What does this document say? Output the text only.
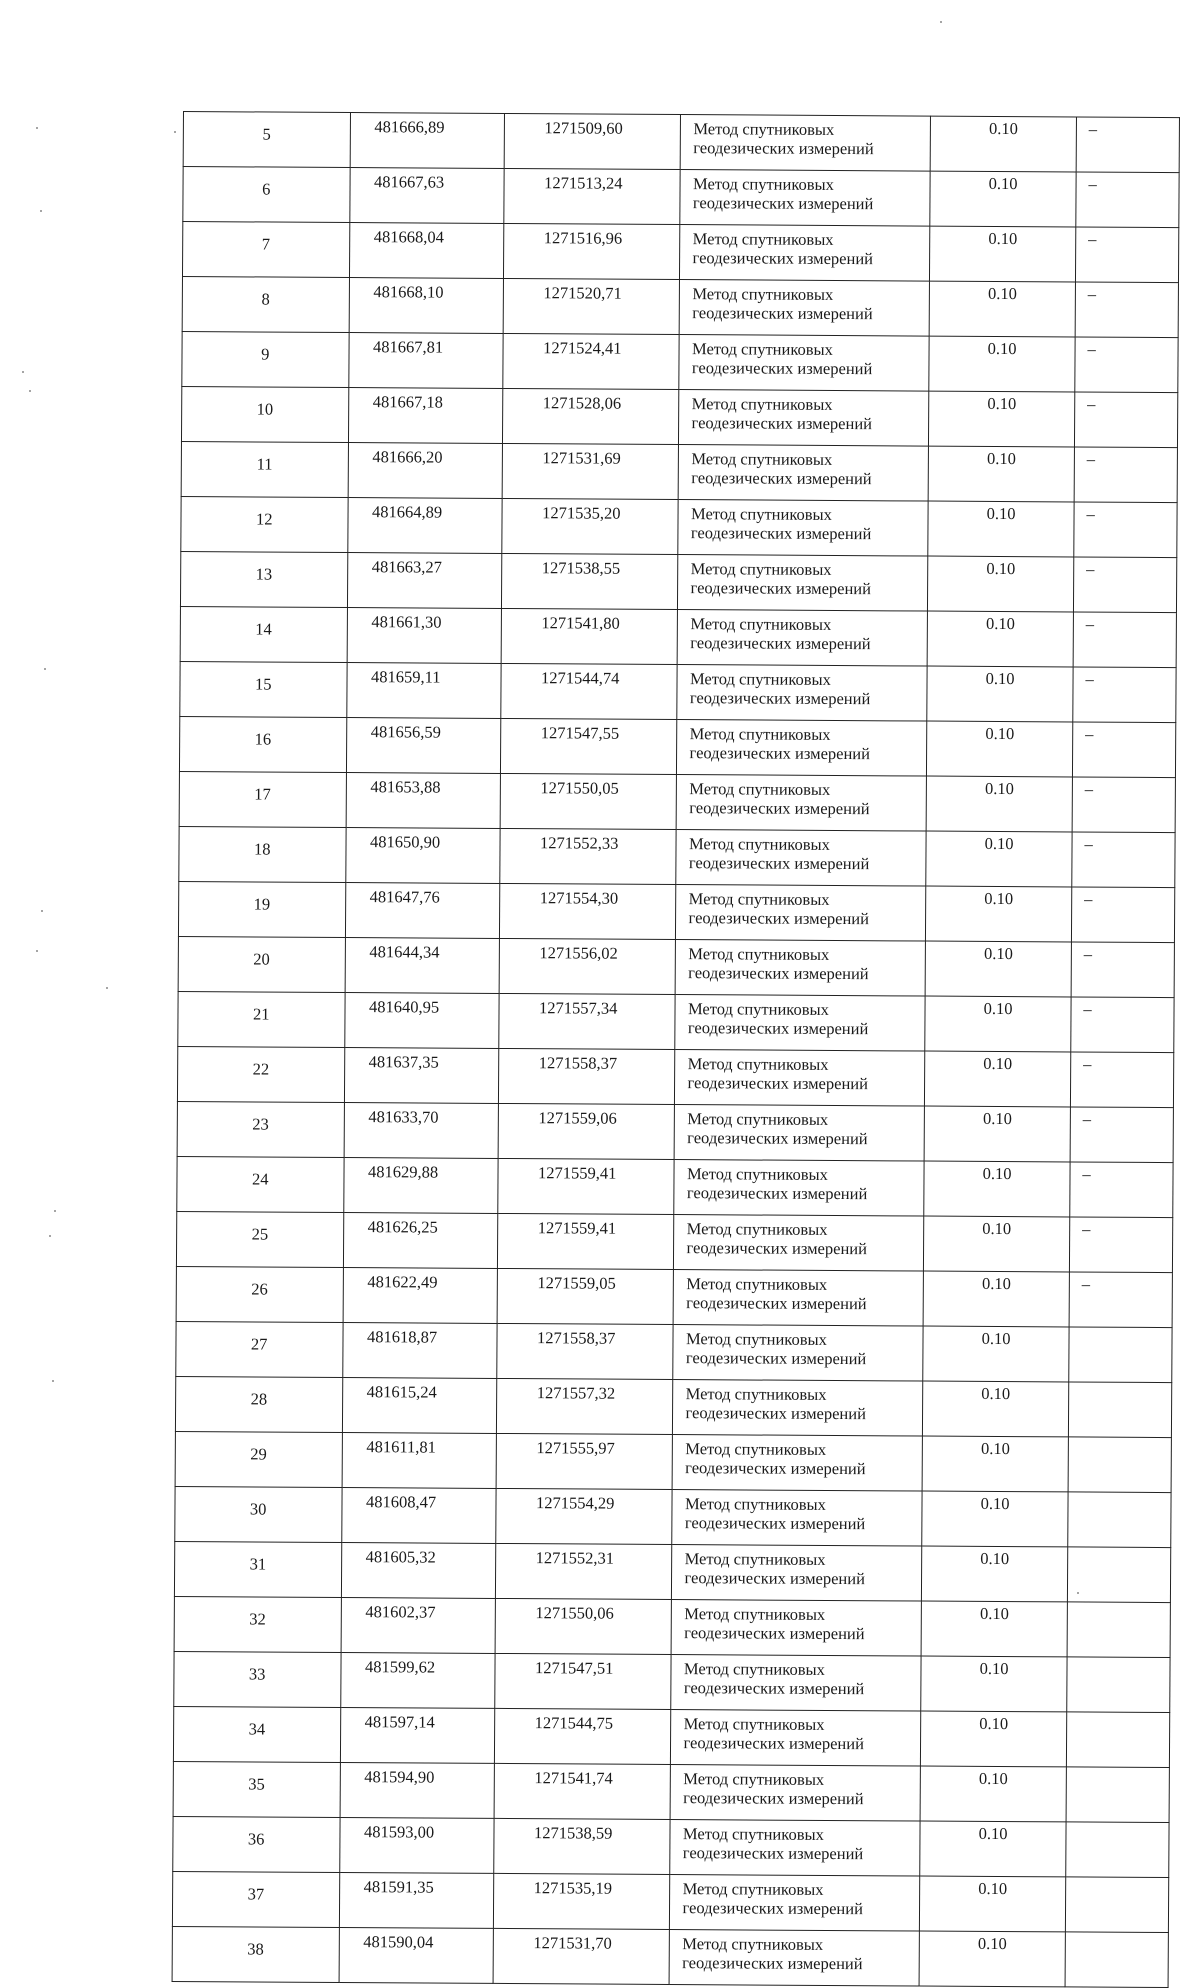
5	481666,89	1271509,60	Метод спутниковых
геодезических измерений	0.10	–
6	481667,63	1271513,24	Метод спутниковых
геодезических измерений	0.10	–
7	481668,04	1271516,96	Метод спутниковых
геодезических измерений	0.10	–
8	481668,10	1271520,71	Метод спутниковых
геодезических измерений	0.10	–
9	481667,81	1271524,41	Метод спутниковых
геодезических измерений	0.10	–
10	481667,18	1271528,06	Метод спутниковых
геодезических измерений	0.10	–
11	481666,20	1271531,69	Метод спутниковых
геодезических измерений	0.10	–
12	481664,89	1271535,20	Метод спутниковых
геодезических измерений	0.10	–
13	481663,27	1271538,55	Метод спутниковых
геодезических измерений	0.10	–
14	481661,30	1271541,80	Метод спутниковых
геодезических измерений	0.10	–
15	481659,11	1271544,74	Метод спутниковых
геодезических измерений	0.10	–
16	481656,59	1271547,55	Метод спутниковых
геодезических измерений	0.10	–
17	481653,88	1271550,05	Метод спутниковых
геодезических измерений	0.10	–
18	481650,90	1271552,33	Метод спутниковых
геодезических измерений	0.10	–
19	481647,76	1271554,30	Метод спутниковых
геодезических измерений	0.10	–
20	481644,34	1271556,02	Метод спутниковых
геодезических измерений	0.10	–
21	481640,95	1271557,34	Метод спутниковых
геодезических измерений	0.10	–
22	481637,35	1271558,37	Метод спутниковых
геодезических измерений	0.10	–
23	481633,70	1271559,06	Метод спутниковых
геодезических измерений	0.10	–
24	481629,88	1271559,41	Метод спутниковых
геодезических измерений	0.10	–
25	481626,25	1271559,41	Метод спутниковых
геодезических измерений	0.10	–
26	481622,49	1271559,05	Метод спутниковых
геодезических измерений	0.10	–
27	481618,87	1271558,37	Метод спутниковых
геодезических измерений	0.10	
28	481615,24	1271557,32	Метод спутниковых
геодезических измерений	0.10	
29	481611,81	1271555,97	Метод спутниковых
геодезических измерений	0.10	
30	481608,47	1271554,29	Метод спутниковых
геодезических измерений	0.10	
31	481605,32	1271552,31	Метод спутниковых
геодезических измерений	0.10	
32	481602,37	1271550,06	Метод спутниковых
геодезических измерений	0.10	
33	481599,62	1271547,51	Метод спутниковых
геодезических измерений	0.10	
34	481597,14	1271544,75	Метод спутниковых
геодезических измерений	0.10	
35	481594,90	1271541,74	Метод спутниковых
геодезических измерений	0.10	
36	481593,00	1271538,59	Метод спутниковых
геодезических измерений	0.10	
37	481591,35	1271535,19	Метод спутниковых
геодезических измерений	0.10	
38	481590,04	1271531,70	Метод спутниковых
геодезических измерений	0.10	
